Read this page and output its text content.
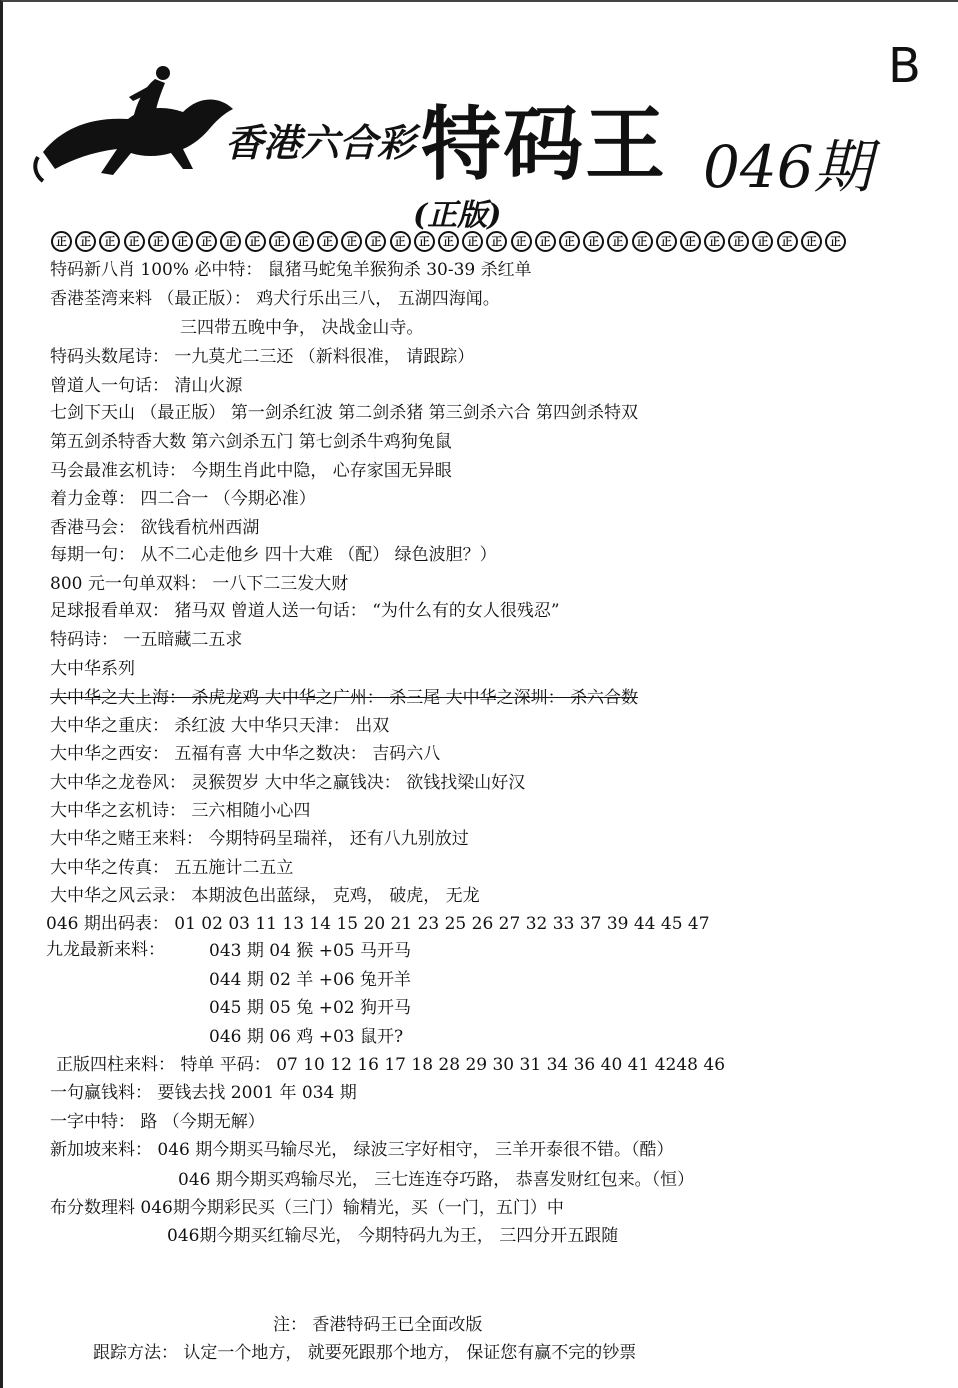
B
香港六合彩 特码王 046期
(正版)
正	正	正	正	正	正	正	正	正	正	正	正	正	正	正	正	正	正	正	正	正	正	正	正	正	正	正	正	正	正	正	正	正
特码新八肖 100% 必中特： 鼠猪马蛇兔羊猴狗杀 30-39 杀红单
香港荃湾来料 （最正版）： 鸡犬行乐出三八， 五湖四海闻。
三四带五晚中争， 决战金山寺。
特码头数尾诗： 一九莫尤二三还 （新料很准， 请跟踪）
曾道人一句话： 清山火源
七剑下天山 （最正版） 第一剑杀红波 第二剑杀猪 第三剑杀六合 第四剑杀特双
第五剑杀特香大数 第六剑杀五门 第七剑杀牛鸡狗兔鼠
马会最准玄机诗： 今期生肖此中隐， 心存家国无异眼
着力金尊： 四二合一 （今期必准）
香港马会： 欲钱看杭州西湖
每期一句： 从不二心走他乡 四十大难 （配） 绿色波胆？）
800 元一句单双料： 一八下二三发大财
足球报看单双： 猪马双 曾道人送一句话： “为什么有的女人很残忍”
特码诗： 一五暗藏二五求
大中华系列
大中华之大上海： 杀虎龙鸡 大中华之广州： 杀三尾 大中华之深圳： 杀六合数
大中华之重庆： 杀红波 大中华只天津： 出双
大中华之西安： 五福有喜 大中华之数决： 吉码六八
大中华之龙卷风： 灵猴贺岁 大中华之赢钱决： 欲钱找梁山好汉
大中华之玄机诗： 三六相随小心四
大中华之赌王来料： 今期特码呈瑞祥， 还有八九别放过
大中华之传真： 五五施计二五立
大中华之风云录： 本期波色出蓝绿， 克鸡， 破虎， 无龙
046 期出码表： 01 02 03 11 13 14 15 20 21 23 25 26 27 32 33 37 39 44 45 47
九龙最新来料：	043 期 04 猴 +05 马开马
044 期 02 羊 +06 兔开羊
045 期 05 兔 +02 狗开马
046 期 06 鸡 +03 鼠开?
正版四柱来料： 特单 平码： 07 10 12 16 17 18 28 29 30 31 34 36 40 41 4248 46
一句赢钱料： 要钱去找 2001 年 034 期
一字中特： 路 （今期无解）
新加坡来料： 046 期今期买马输尽光， 绿波三字好相守， 三羊开泰很不错。（酷）
046 期今期买鸡输尽光， 三七连连夺巧路， 恭喜发财红包来。（恒）
布分数理料 046期今期彩民买（三门）输精光，买（一门，五门）中
046期今期买红输尽光， 今期特码九为王， 三四分开五跟随
注： 香港特码王已全面改版
跟踪方法： 认定一个地方， 就要死跟那个地方， 保证您有赢不完的钞票
